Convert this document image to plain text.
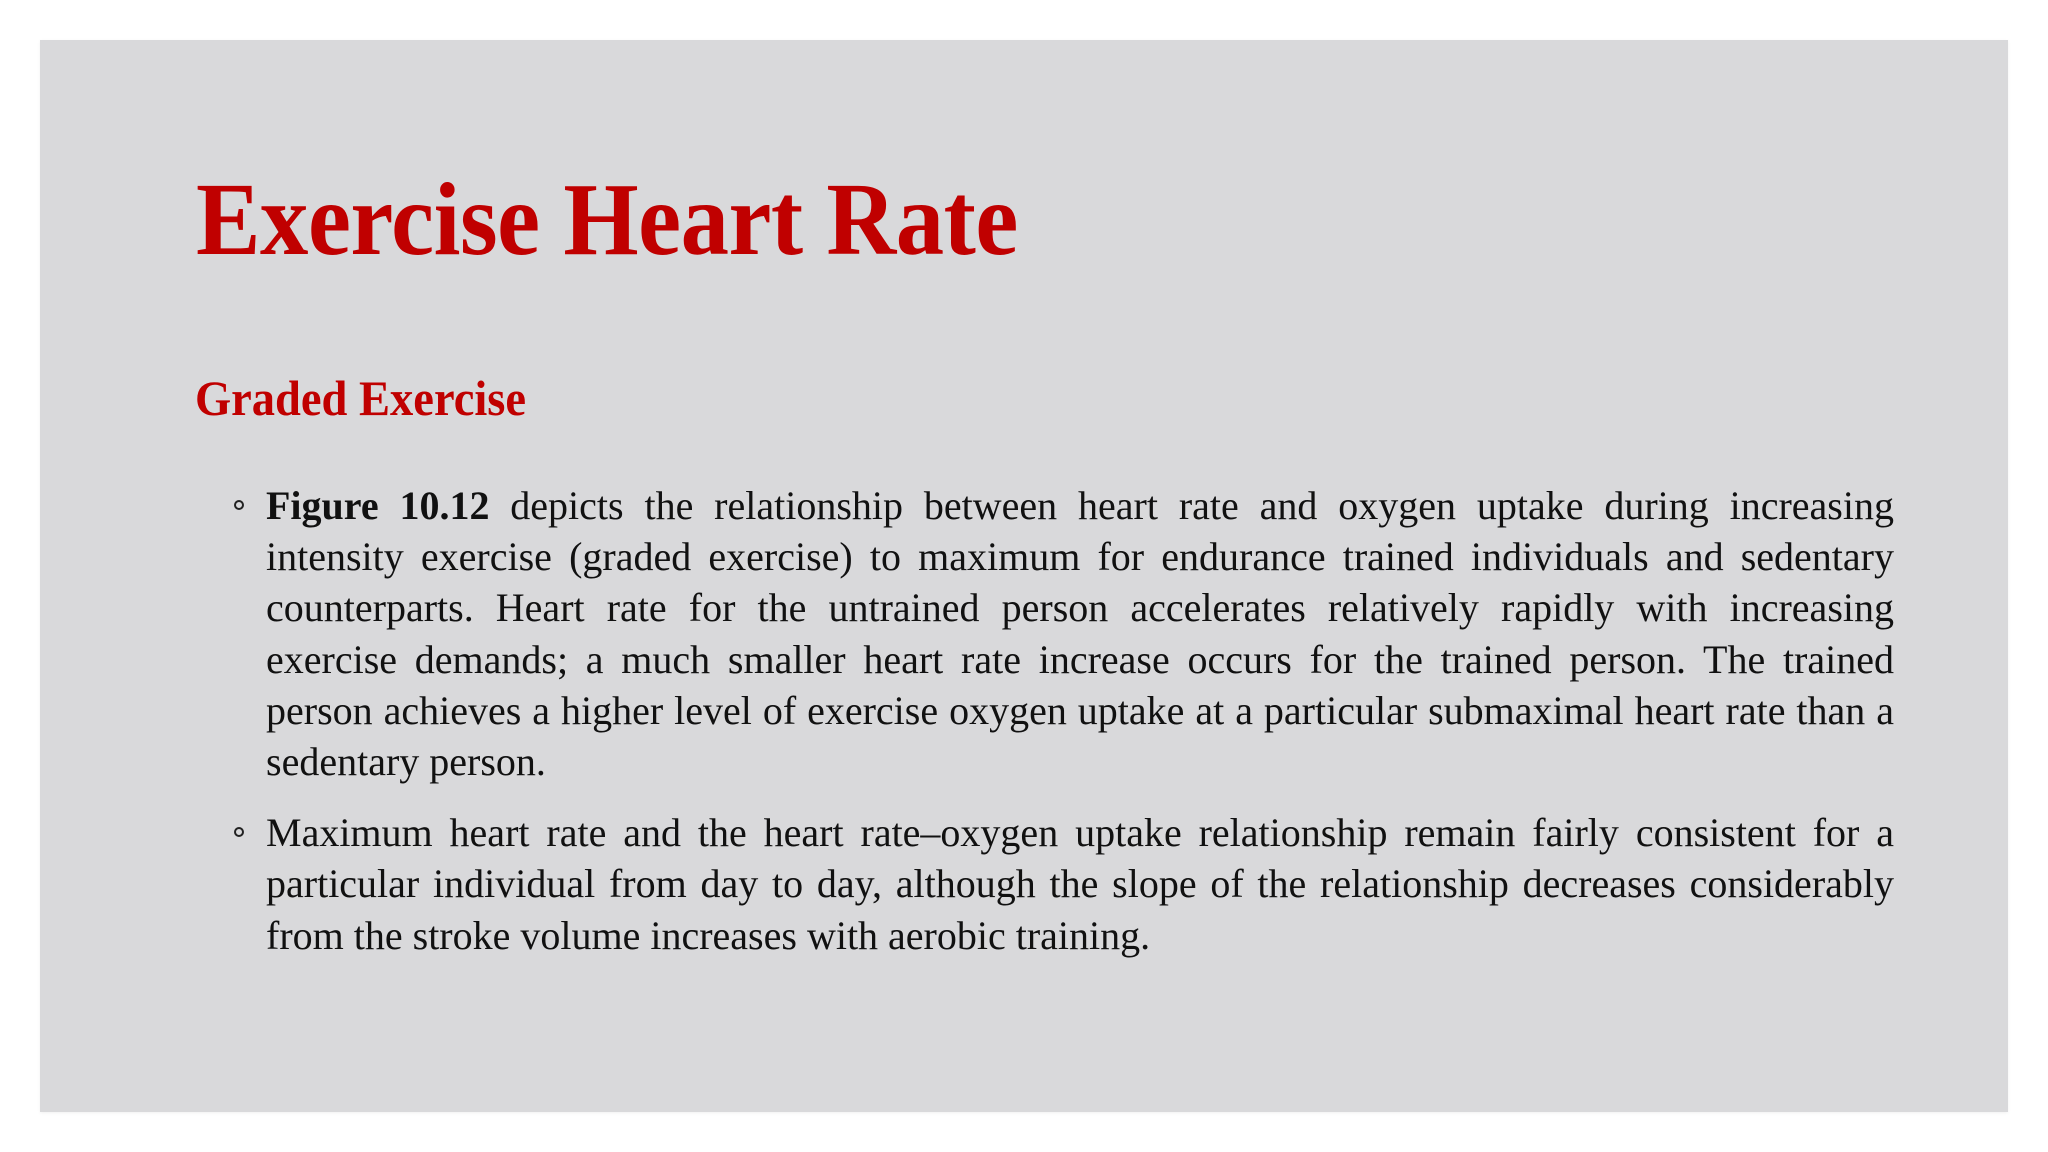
Exercise Heart Rate
Graded Exercise
Figure 10.12 depicts the relationship between heart rate and oxygen uptake during increasing intensity exercise (graded exercise) to maximum for endurance trained individuals and sedentary counterparts. Heart rate for the untrained person accelerates relatively rapidly with increasing exercise demands; a much smaller heart rate increase occurs for the trained person. The trained person achieves a higher level of exercise oxygen uptake at a particular submaximal heart rate than a sedentary person.
Maximum heart rate and the heart rate–oxygen uptake relationship remain fairly consistent for a particular individual from day to day, although the slope of the relationship decreases considerably from the stroke volume increases with aerobic training.
